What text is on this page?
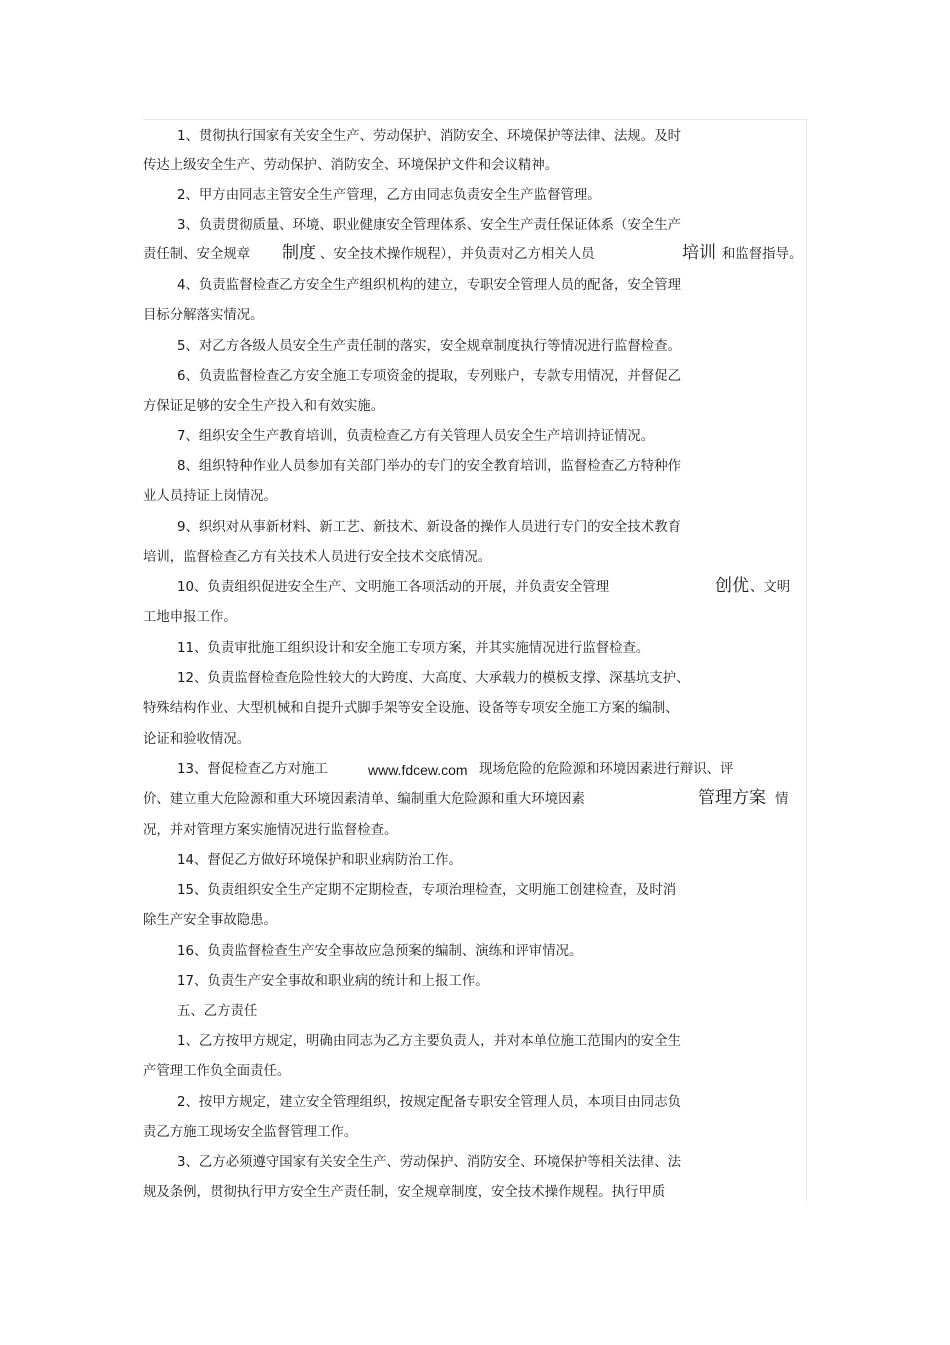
1、贯彻执行国家有关安全生产、劳动保护、消防安全、环境保护等法律、法规。及时
传达上级安全生产、劳动保护、消防安全、环境保护文件和会议精神。
2、甲方由同志主管安全生产管理，乙方由同志负责安全生产监督管理。
3、负责贯彻质量、环境、职业健康安全管理体系、安全生产责任保证体系（安全生产
责任制、安全规章 制度 、安全技术操作规程），并负责对乙方相关人员	培训 和监督指导。
4、负责监督检查乙方安全生产组织机构的建立，专职安全管理人员的配备，安全管理
目标分解落实情况。
5、对乙方各级人员安全生产责任制的落实，安全规章制度执行等情况进行监督检查。
6、负责监督检查乙方安全施工专项资金的提取，专列账户，专款专用情况，并督促乙
方保证足够的安全生产投入和有效实施。
7、组织安全生产教育培训，负责检查乙方有关管理人员安全生产培训持证情况。
8、组织特种作业人员参加有关部门举办的专门的安全教育培训，监督检查乙方特种作
业人员持证上岗情况。
9、织织对从事新材料、新工艺、新技术、新设备的操作人员进行专门的安全技术教育
培训，监督检查乙方有关技术人员进行安全技术交底情况。
10、负责组织促进安全生产、文明施工各项活动的开展，并负责安全管理	创优 、文明
工地申报工作。
11、负责审批施工组织设计和安全施工专项方案，并其实施情况进行监督检查。
12、负责监督检查危险性较大的大跨度、大高度、大承载力的模板支撑、深基坑支护、
特殊结构作业、大型机械和自提升式脚手架等安全设施、设备等专项安全施工方案的编制、
论证和验收情况。
13、督促检查乙方对施工	www.fdcew.com 现场危险的危险源和环境因素进行辩识、评
价、建立重大危险源和重大环境因素清单、编制重大危险源和重大环境因素	管理方案 情
况，并对管理方案实施情况进行监督检查。
14、督促乙方做好环境保护和职业病防治工作。
15、负责组织安全生产定期不定期检查，专项治理检查，文明施工创建检查，及时消
除生产安全事故隐患。
16、负责监督检查生产安全事故应急预案的编制、演练和评审情况。
17、负责生产安全事故和职业病的统计和上报工作。
五、乙方责任
1、乙方按甲方规定，明确由同志为乙方主要负责人，并对本单位施工范围内的安全生
产管理工作负全面责任。
2、按甲方规定，建立安全管理组织，按规定配备专职安全管理人员，本项目由同志负
责乙方施工现场安全监督管理工作。
3、乙方必须遵守国家有关安全生产、劳动保护、消防安全、环境保护等相关法律、法
规及条例，贯彻执行甲方安全生产责任制，安全规章制度，安全技术操作规程。执行甲质
